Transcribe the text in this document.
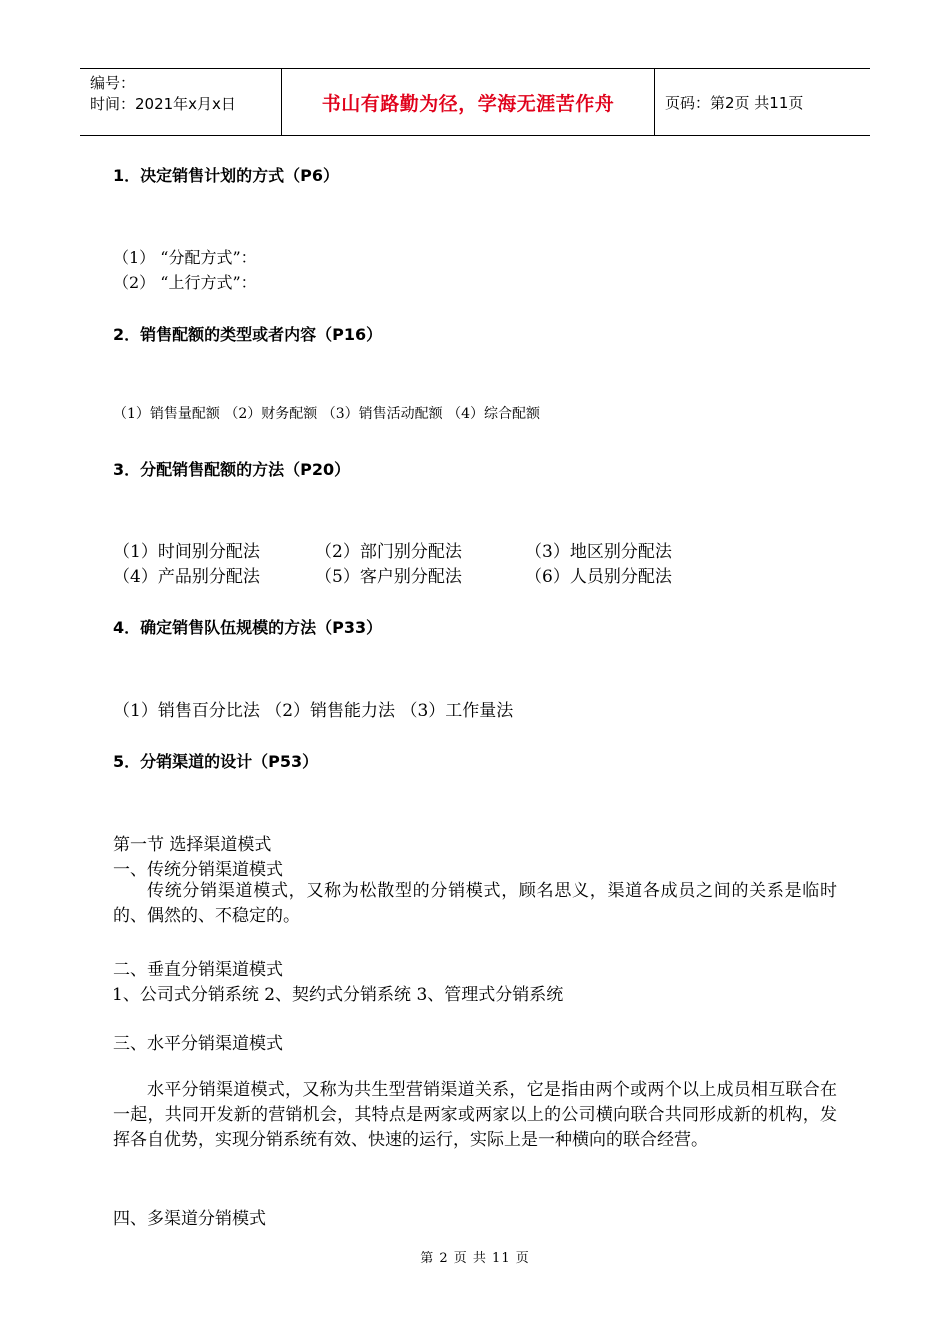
编号：
时间：2021年x月x日	书山有路勤为径，学海无涯苦作舟	页码：第2页 共11页
1．决定销售计划的方式（P6）
（1） “分配方式”：
（2） “上行方式”：
2．销售配额的类型或者内容（P16）
（1）销售量配额 （2）财务配额 （3）销售活动配额 （4）综合配额
3．分配销售配额的方法（P20）
（1）时间别分配法	（2）部门别分配法	（3）地区别分配法
（4）产品别分配法	（5）客户别分配法	（6）人员别分配法
4．确定销售队伍规模的方法（P33）
（1）销售百分比法 （2）销售能力法 （3）工作量法
5．分销渠道的设计（P53）
第一节 选择渠道模式
一、传统分销渠道模式
传统分销渠道模式，又称为松散型的分销模式，顾名思义，渠道各成员之间的关系是临时的、偶然的、不稳定的。
二、垂直分销渠道模式
1、公司式分销系统 2、契约式分销系统 3、管理式分销系统
三、水平分销渠道模式
水平分销渠道模式，又称为共生型营销渠道关系，它是指由两个或两个以上成员相互联合在一起，共同开发新的营销机会，其特点是两家或两家以上的公司横向联合共同形成新的机构，发挥各自优势，实现分销系统有效、快速的运行，实际上是一种横向的联合经营。
四、多渠道分销模式
第 2 页 共 11 页
